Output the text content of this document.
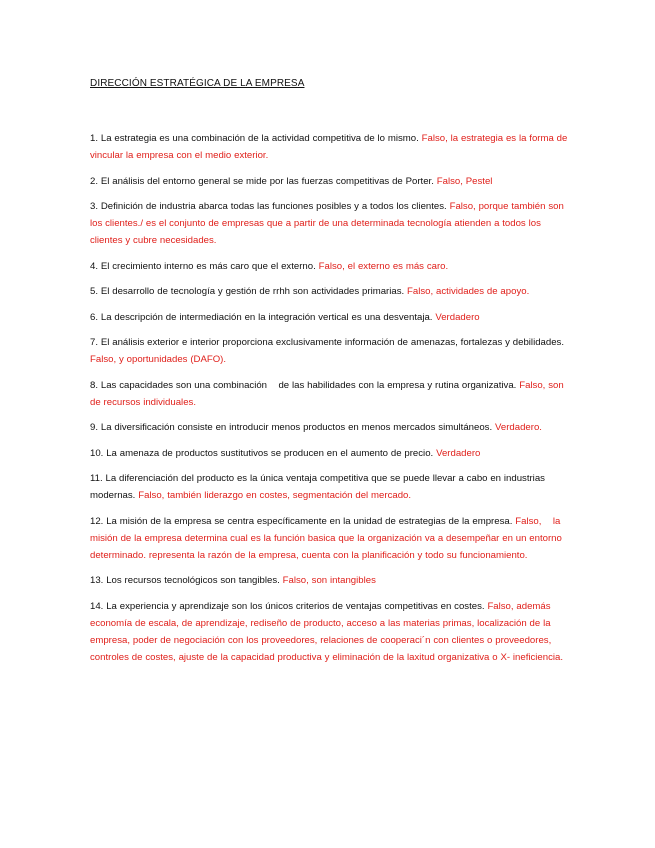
DIRECCIÓN ESTRATÉGICA DE LA EMPRESA

1. La estrategia es una combinación de la actividad competitiva de lo mismo. Falso, la estrategia es la forma de vincular la empresa con el medio exterior.

2. El análisis del entorno general se mide por las fuerzas competitivas de Porter. Falso, Pestel

3. Definición de industria abarca todas las funciones posibles y a todos los clientes. Falso, porque también son los clientes./ es el conjunto de empresas que a partir de una determinada tecnología atienden a todos los clientes y cubre necesidades.

4. El crecimiento interno es más caro que el externo. Falso, el externo es más caro.

5. El desarrollo de tecnología y gestión de rrhh son actividades primarias. Falso, actividades de apoyo.

6. La descripción de intermediación en la integración vertical es una desventaja. Verdadero

7. El análisis exterior e interior proporciona exclusivamente información de amenazas, fortalezas y debilidades. Falso, y oportunidades (DAFO).

8. Las capacidades son una combinación    de las habilidades con la empresa y rutina organizativa. Falso, son de recursos individuales.

9. La diversificación consiste en introducir menos productos en menos mercados simultáneos. Verdadero.

10. La amenaza de productos sustitutivos se producen en el aumento de precio. Verdadero

11. La diferenciación del producto es la única ventaja competitiva que se puede llevar a cabo en industrias modernas. Falso, también liderazgo en costes, segmentación del mercado.

12. La misión de la empresa se centra específicamente en la unidad de estrategias de la empresa. Falso,    la misión de la empresa determina cual es la función basica que la organización va a desempeñar en un entorno determinado. representa la razón de la empresa, cuenta con la planificación y todo su funcionamiento.

13. Los recursos tecnológicos son tangibles. Falso, son intangibles

14. La experiencia y aprendizaje son los únicos criterios de ventajas competitivas en costes. Falso, además economía de escala, de aprendizaje, rediseño de producto, acceso a las materias primas, localización de la empresa, poder de negociación con los proveedores, relaciones de cooperaci´n con clientes o proveedores, controles de costes, ajuste de la capacidad productiva y eliminación de la laxitud organizativa o X- ineficiencia.
